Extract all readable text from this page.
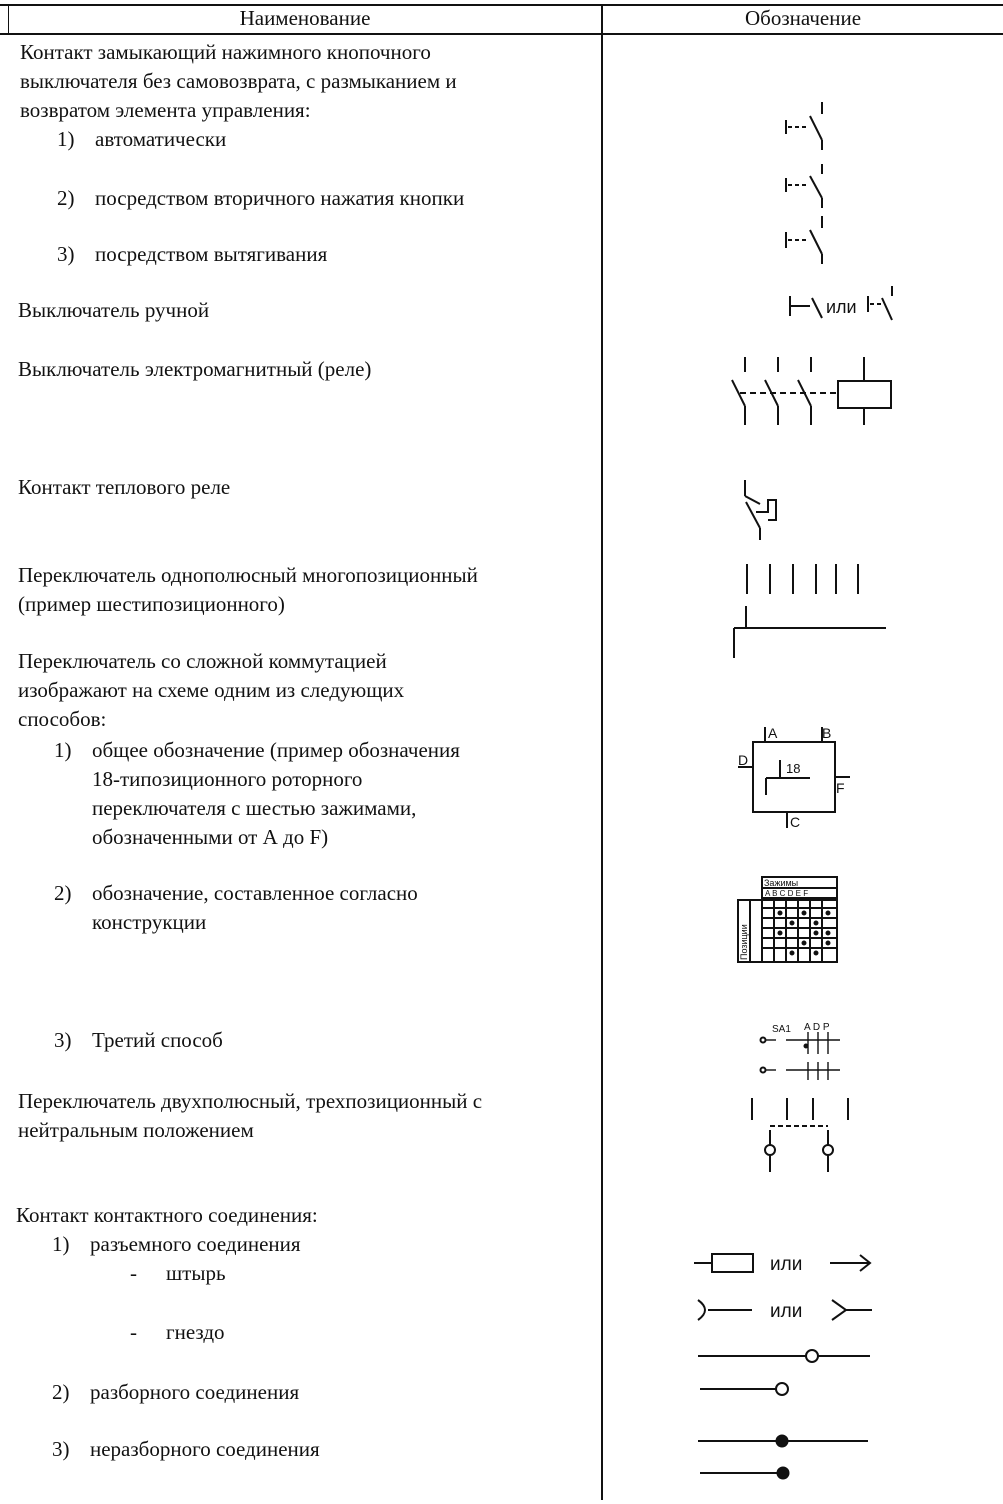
Наименование	Обозначение
Контакт замыкающий нажимного кнопочного
выключателя без самовозврата, с размыканием и
возвратом элемента управления:
1) автоматически
2) посредством вторичного нажатия кнопки
3) посредством вытягивания
Выключатель ручной
Выключатель электромагнитный (реле)
Контакт теплового реле
Переключатель однополюсный многопозиционный
(пример шестипозиционного)
Переключатель со сложной коммутацией
изображают на схеме одним из следующих
способов:
1) общее обозначение (пример обозначения
18-типозиционного роторного
переключателя с шестью зажимами,
обозначенными от А до F)
2) обозначение, составленное согласно
конструкции
3) Третий способ
Переключатель двухполюсный, трехпозиционный с
нейтральным положением
Контакт контактного соединения:
1) разъемного соединения
- штырь
- гнездо
2) разборного соединения
3) неразборного соединения
или
A	B
D
F
C
18
Зажимы
A B C D E F
Позиции
SA1 A D P
или
или
